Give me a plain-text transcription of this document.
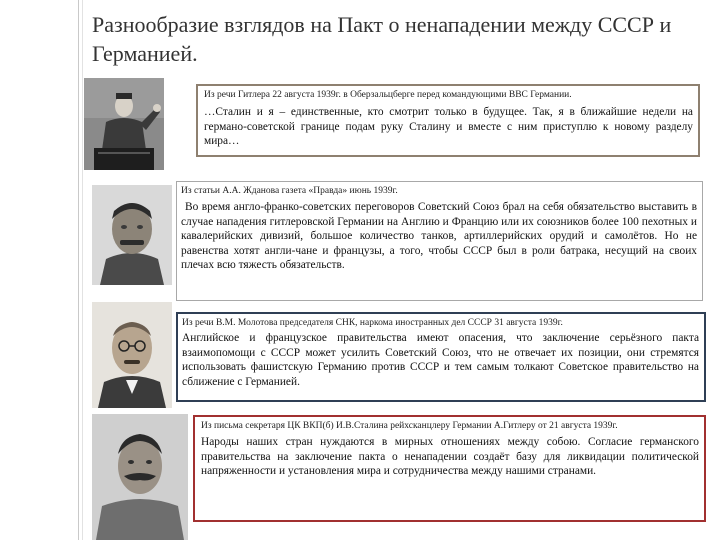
Разнообразие взглядов на Пакт о ненападении между СССР и Германией.
Из речи Гитлера 22 августа 1939г. в Оберзальцберге перед командующими ВВС Германии.
…Сталин и я – единственные, кто смотрит только в будущее. Так, я в ближайшие недели на германо-советской границе подам руку Сталину и вместе с ним приступлю к новому разделу мира…
Из статьи А.А. Жданова газета «Правда» июнь 1939г.
Во время англо-франко-советских переговоров Советский Союз брал на себя обязательство выставить в случае нападения гитлеровской Германии на Англию и Францию или их союзников более 100 пехотных и кавалерийских дивизий, большое количество танков, артиллерийских орудий и самолётов. Но не равенства хотят англи-чане и французы, а того, чтобы СССР был в роли батрака, несущий на своих плечах всю тяжесть обязательств.
Из речи В.М. Молотова председателя СНК, наркома иностранных дел СССР 31 августа 1939г.
Английское и французское правительства имеют опасения, что заключение серьёзного пакта взаимопомощи с СССР может усилить Советский Союз, что не отвечает их позиции, они стремятся использовать фашистскую Германию против СССР и тем самым толкают Советское правительство на сближение с Германией.
Из письма секретаря ЦК ВКП(б) И.В.Сталина рейхсканцлеру Германии А.Гитлеру от 21 августа 1939г.
Народы наших стран нуждаются в мирных отношениях между собою. Согласие германского правительства на заключение пакта о ненападении создаёт базу для ликвидации политической напряженности и установления мира и сотрудничества между нашими странами.
